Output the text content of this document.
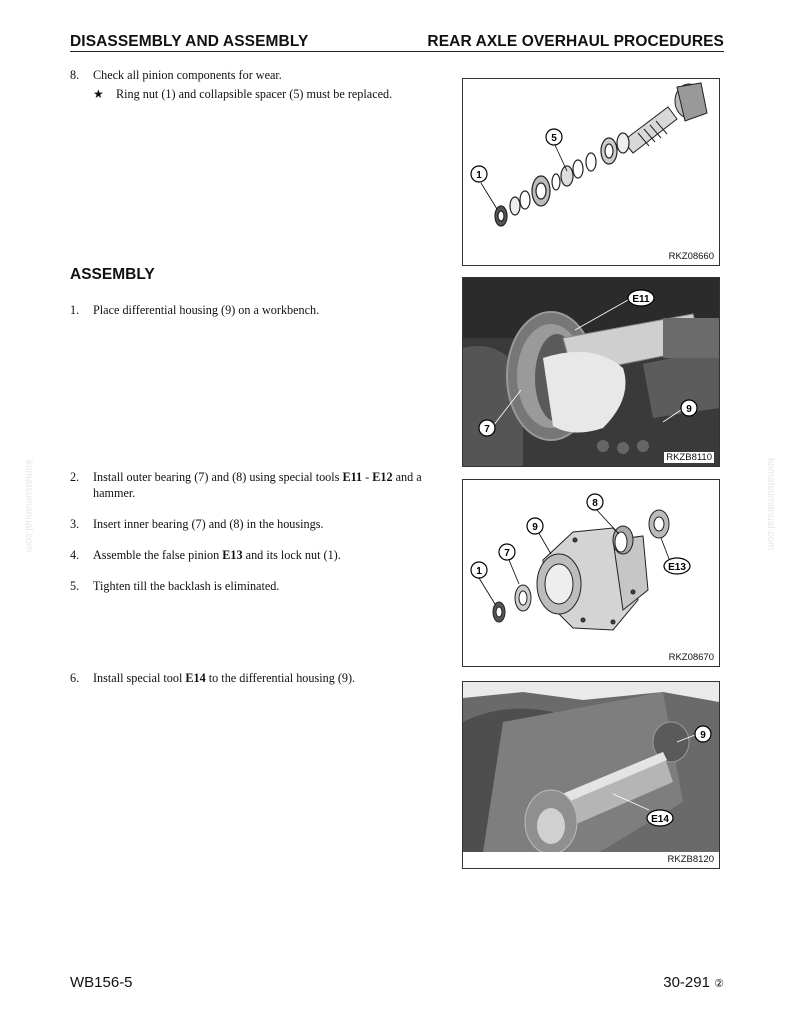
DISASSEMBLY AND ASSEMBLY	REAR AXLE OVERHAUL PROCEDURES
8. Check all pinion components for wear.
★ Ring nut (1) and collapsible spacer (5) must be replaced.
ASSEMBLY
1. Place differential housing (9) on a workbench.
2. Install outer bearing (7) and (8) using special tools E11 - E12 and a
hammer.
3. Insert inner bearing (7) and (8) in the housings.
4. Assemble the false pinion E13 and its lock nut (1).
5. Tighten till the backlash is eliminated.
6. Install special tool E14 to the differential housing (9).
5
1
RKZ08660
E11
9
7
RKZB8110
8
9
7
1	E13
RKZ08670
9
E14
RKZB8120
komatsumanual.com	komatsumanual.com
WB156-5	30-291 ②
